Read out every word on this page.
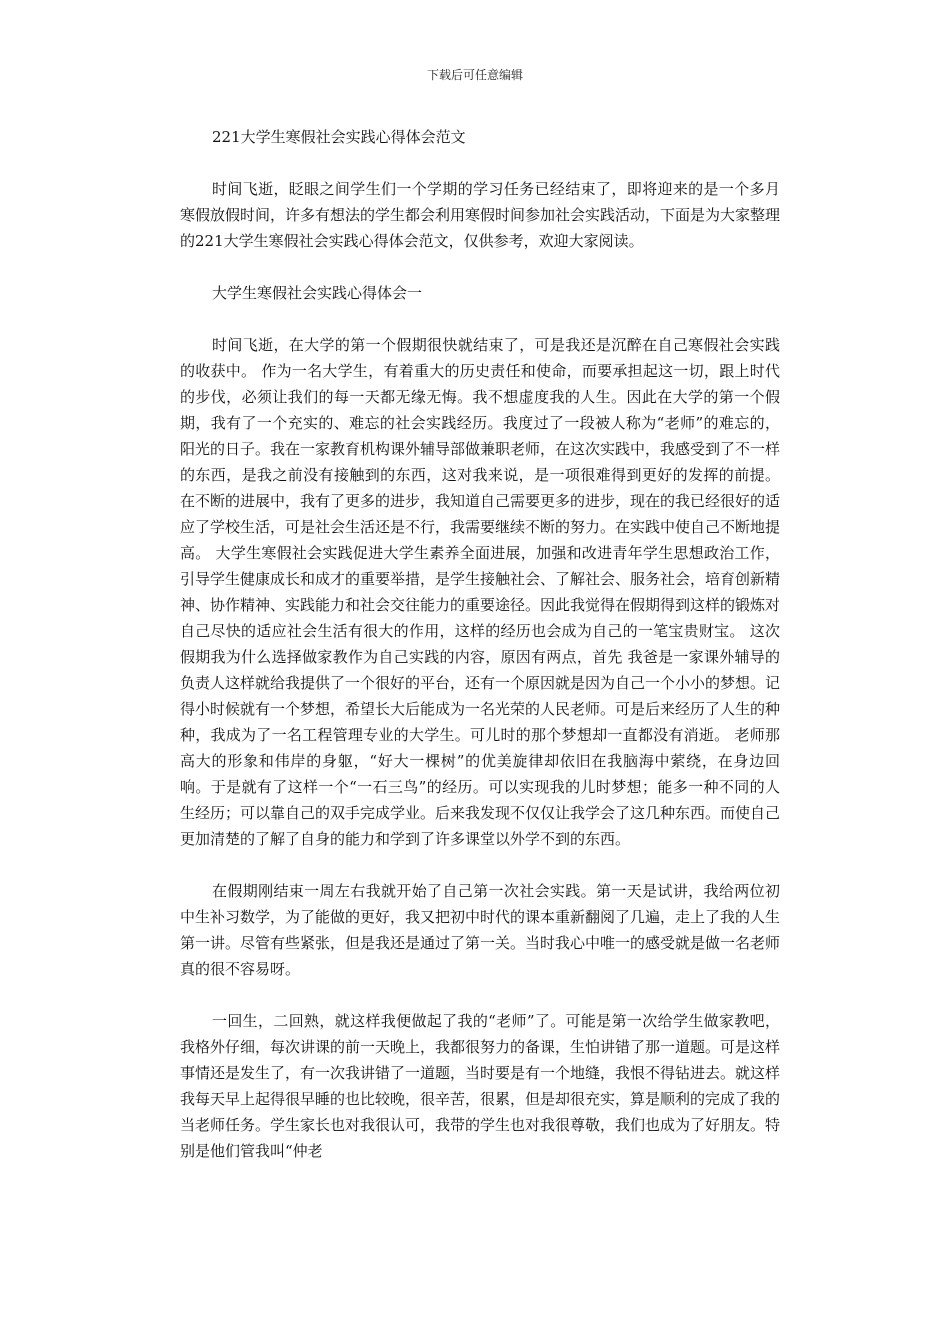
下载后可任意编辑
221大学生寒假社会实践心得体会范文

时间飞逝，眨眼之间学生们一个学期的学习任务已经结束了，即将迎来的是一个多月寒假放假时间，许多有想法的学生都会利用寒假时间参加社会实践活动，下面是为大家整理的221大学生寒假社会实践心得体会范文，仅供参考，欢迎大家阅读。

大学生寒假社会实践心得体会一

时间飞逝，在大学的第一个假期很快就结束了，可是我还是沉醉在自己寒假社会实践的收获中。 作为一名大学生，有着重大的历史责任和使命，而要承担起这一切，跟上时代的步伐，必须让我们的每一天都无缘无悔。我不想虚度我的人生。因此在大学的第一个假期，我有了一个充实的、难忘的社会实践经历。我度过了一段被人称为“老师”的难忘的，阳光的日子。我在一家教育机构课外辅导部做兼职老师，在这次实践中，我感受到了不一样的东西，是我之前没有接触到的东西，这对我来说，是一项很难得到更好的发挥的前提。 在不断的进展中，我有了更多的进步，我知道自己需要更多的进步，现在的我已经很好的适应了学校生活，可是社会生活还是不行，我需要继续不断的努力。在实践中使自己不断地提高。 大学生寒假社会实践促进大学生素养全面进展，加强和改进青年学生思想政治工作，引导学生健康成长和成才的重要举措，是学生接触社会、了解社会、服务社会，培育创新精神、协作精神、实践能力和社会交往能力的重要途径。因此我觉得在假期得到这样的锻炼对自己尽快的适应社会生活有很大的作用，这样的经历也会成为自己的一笔宝贵财宝。 这次假期我为什么选择做家教作为自己实践的内容，原因有两点，首先 我爸是一家课外辅导的负责人这样就给我提供了一个很好的平台，还有一个原因就是因为自己一个小小的梦想。记得小时候就有一个梦想，希望长大后能成为一名光荣的人民老师。可是后来经历了人生的种种，我成为了一名工程管理专业的大学生。可儿时的那个梦想却一直都没有消逝。 老师那高大的形象和伟岸的身躯，“好大一棵树”的优美旋律却依旧在我脑海中萦绕，在身边回响。于是就有了这样一个“一石三鸟”的经历。可以实现我的儿时梦想；能多一种不同的人生经历；可以靠自己的双手完成学业。后来我发现不仅仅让我学会了这几种东西。而使自己更加清楚的了解了自身的能力和学到了许多课堂以外学不到的东西。

在假期刚结束一周左右我就开始了自己第一次社会实践。第一天是试讲，我给两位初中生补习数学，为了能做的更好，我又把初中时代的课本重新翻阅了几遍，走上了我的人生第一讲。尽管有些紧张，但是我还是通过了第一关。当时我心中唯一的感受就是做一名老师真的很不容易呀。

一回生，二回熟，就这样我便做起了我的“老师”了。可能是第一次给学生做家教吧，我格外仔细，每次讲课的前一天晚上，我都很努力的备课，生怕讲错了那一道题。可是这样事情还是发生了，有一次我讲错了一道题，当时要是有一个地缝，我恨不得钻进去。就这样我每天早上起得很早睡的也比较晚，很辛苦，很累，但是却很充实，算是顺利的完成了我的当老师任务。学生家长也对我很认可，我带的学生也对我很尊敬，我们也成为了好朋友。特别是他们管我叫“仲老
